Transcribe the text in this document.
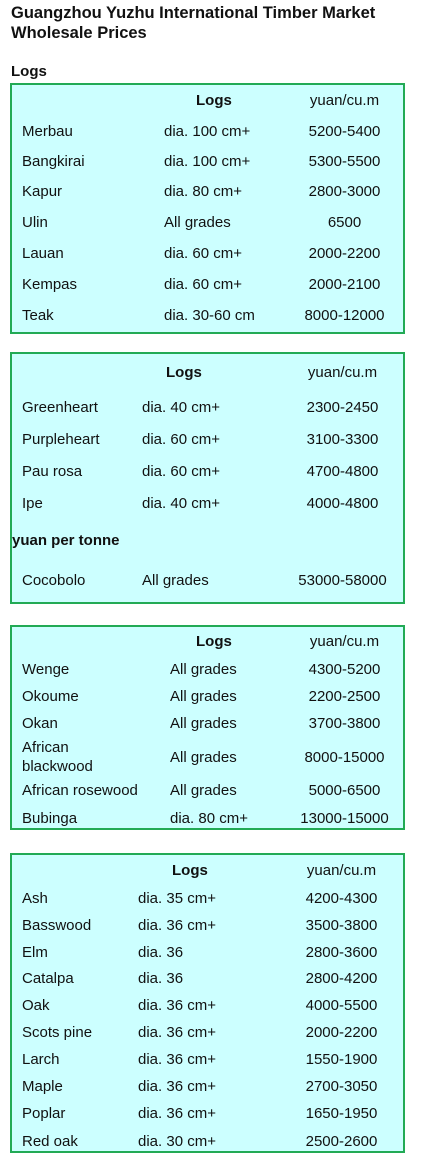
Guangzhou Yuzhu International Timber Market
Wholesale Prices
Logs
	Logs	yuan/cu.m
Merbau	dia. 100 cm+	5200-5400
Bangkirai	dia. 100 cm+	5300-5500
Kapur	dia. 80 cm+	2800-3000
Ulin	All grades	6500
Lauan	dia. 60 cm+	2000-2200
Kempas	dia. 60 cm+	2000-2100
Teak	dia. 30-60 cm	8000-12000
	Logs	yuan/cu.m
Greenheart	dia. 40 cm+	2300-2450
Purpleheart	dia. 60 cm+	3100-3300
Pau rosa	dia. 60 cm+	4700-4800
Ipe	dia. 40 cm+	4000-4800
yuan per tonne		
Cocobolo	All grades	53000-58000
	Logs	yuan/cu.m
Wenge	All grades	4300-5200
Okoume	All grades	2200-2500
Okan	All grades	3700-3800
African blackwood	All grades	8000-15000
African rosewood	All grades	5000-6500
Bubinga	dia. 80 cm+	13000-15000
	Logs	yuan/cu.m
Ash	dia. 35 cm+	4200-4300
Basswood	dia. 36 cm+	3500-3800
Elm	dia. 36	2800-3600
Catalpa	dia. 36	2800-4200
Oak	dia. 36 cm+	4000-5500
Scots pine	dia. 36 cm+	2000-2200
Larch	dia. 36 cm+	1550-1900
Maple	dia. 36 cm+	2700-3050
Poplar	dia. 36 cm+	1650-1950
Red oak	dia. 30 cm+	2500-2600
